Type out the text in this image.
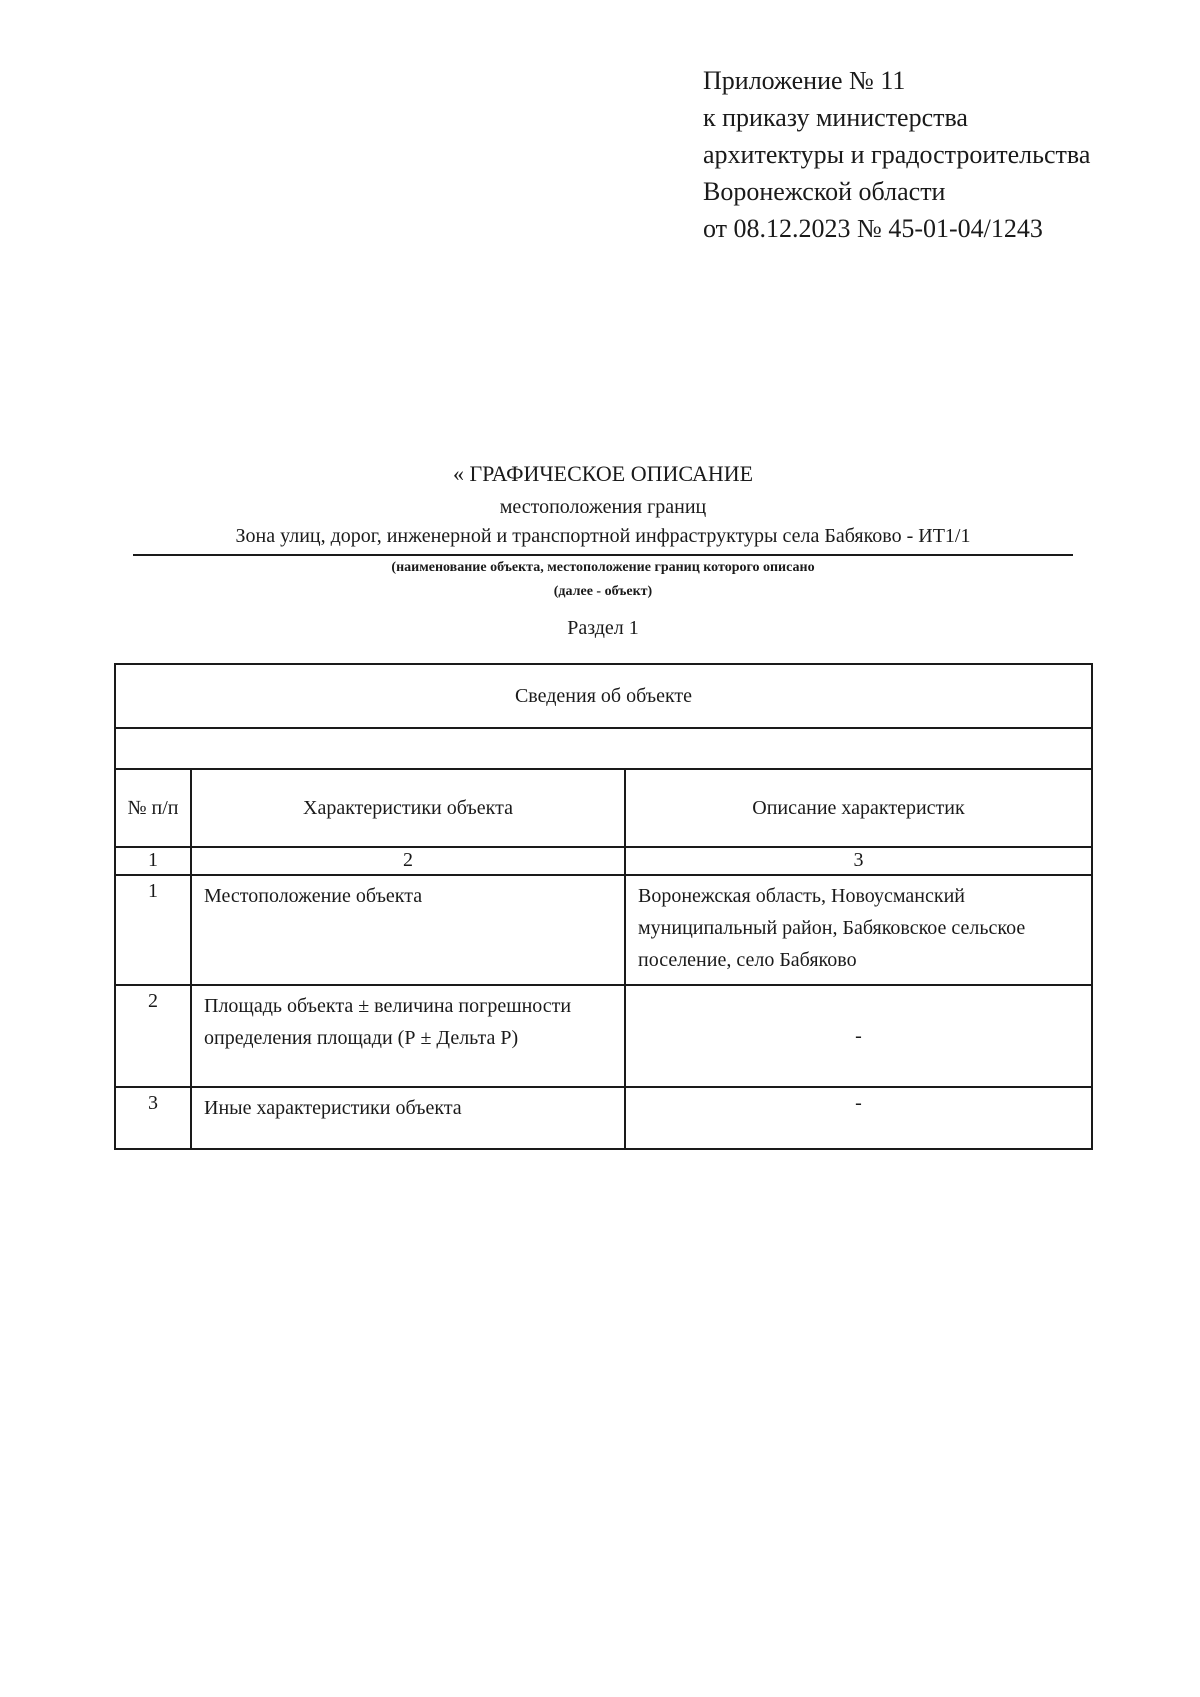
Приложение № 11
к приказу министерства
архитектуры и градостроительства
Воронежской области
от 08.12.2023 № 45-01-04/1243
« ГРАФИЧЕСКОЕ ОПИСАНИЕ
местоположения границ
Зона улиц, дорог, инженерной и транспортной инфраструктуры села Бабяково - ИТ1/1
(наименование объекта, местоположение границ которого описано
(далее - объект)
Раздел 1
Сведения об объекте		

№ п/п	Характеристики объекта	Описание характеристик
1	2	3
1	Местоположение объекта	Воронежская область, Новоусманский муниципальный район, Бабяковское сельское поселение, село Бабяково
2	Площадь объекта ± величина погрешности определения площади (Р ± Дельта Р)	-
3	Иные характеристики объекта	-
